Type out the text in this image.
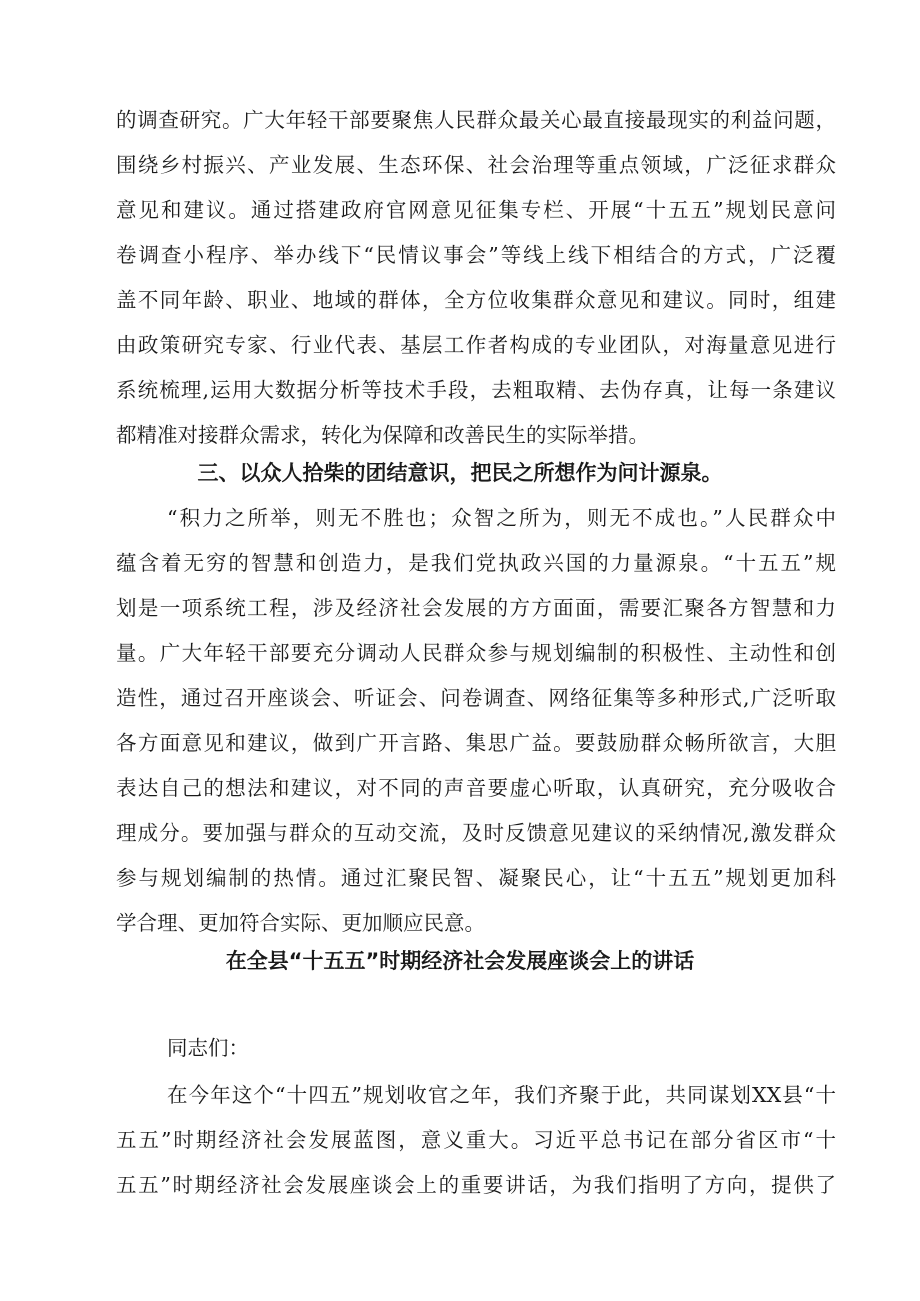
的调查研究。广大年轻干部要聚焦人民群众最关心最直接最现实的利益问题，
围绕乡村振兴、产业发展、生态环保、社会治理等重点领域，广泛征求群众
意见和建议。通过搭建政府官网意见征集专栏、开展“十五五”规划民意问
卷调查小程序、举办线下“民情议事会”等线上线下相结合的方式，广泛覆
盖不同年龄、职业、地域的群体，全方位收集群众意见和建议。同时，组建
由政策研究专家、行业代表、基层工作者构成的专业团队，对海量意见进行
系统梳理,运用大数据分析等技术手段，去粗取精、去伪存真，让每一条建议
都精准对接群众需求，转化为保障和改善民生的实际举措。
三、以众人拾柴的团结意识，把民之所想作为问计源泉。
“积力之所举，则无不胜也；众智之所为，则无不成也。”人民群众中
蕴含着无穷的智慧和创造力，是我们党执政兴国的力量源泉。“十五五”规
划是一项系统工程，涉及经济社会发展的方方面面，需要汇聚各方智慧和力
量。广大年轻干部要充分调动人民群众参与规划编制的积极性、主动性和创
造性，通过召开座谈会、听证会、问卷调查、网络征集等多种形式,广泛听取
各方面意见和建议，做到广开言路、集思广益。要鼓励群众畅所欲言，大胆
表达自己的想法和建议，对不同的声音要虚心听取，认真研究，充分吸收合
理成分。要加强与群众的互动交流，及时反馈意见建议的采纳情况,激发群众
参与规划编制的热情。通过汇聚民智、凝聚民心，让“十五五”规划更加科
学合理、更加符合实际、更加顺应民意。
在全县“十五五”时期经济社会发展座谈会上的讲话
同志们：
在今年这个“十四五”规划收官之年，我们齐聚于此，共同谋划XX县“十
五五”时期经济社会发展蓝图，意义重大。习近平总书记在部分省区市“十
五五”时期经济社会发展座谈会上的重要讲话，为我们指明了方向，提供了
